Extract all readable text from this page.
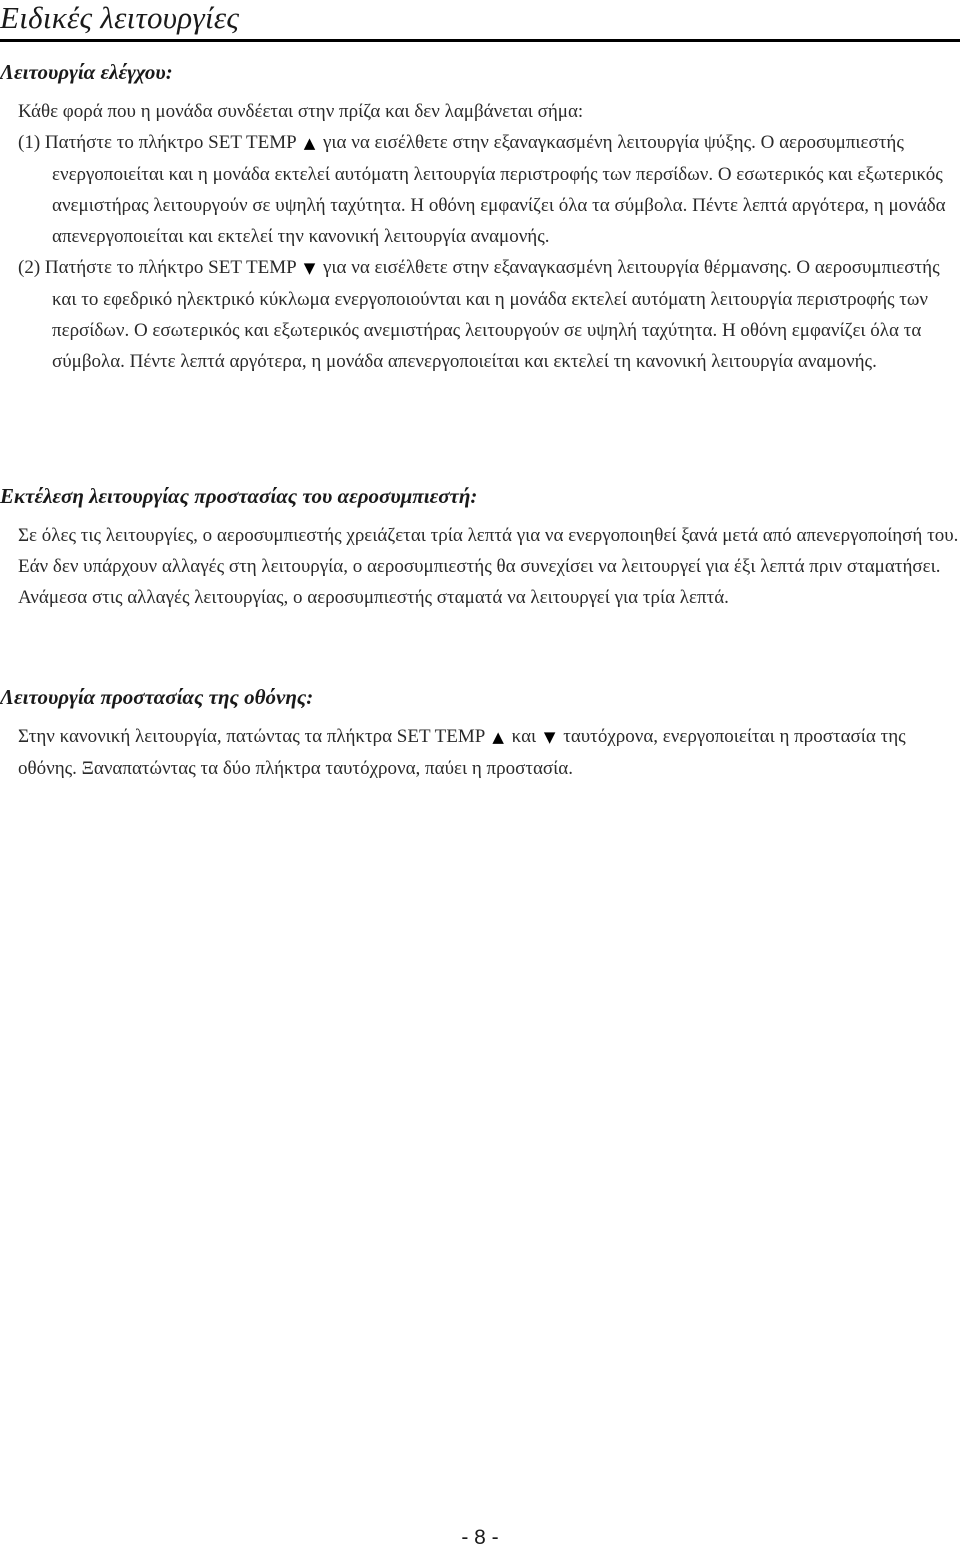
Ειδικές λειτουργίες
Λειτουργία ελέγχου:

Κάθε φορά που η μονάδα συνδέεται στην πρίζα και δεν λαμβάνεται σήμα:

(1) Πατήστε το πλήκτρο SET TEMP ▲ για να εισέλθετε στην εξαναγκασμένη λειτουργία ψύξης. Ο αεροσυμπιεστής ενεργοποιείται και η μονάδα εκτελεί αυτόματη λειτουργία περιστροφής των περσίδων. Ο εσωτερικός και εξωτερικός ανεμιστήρας λειτουργούν σε υψηλή ταχύτητα. Η οθόνη εμφανίζει όλα τα σύμβολα. Πέντε λεπτά αργότερα, η μονάδα απενεργοποιείται και εκτελεί την κανονική λειτουργία αναμονής.

(2) Πατήστε το πλήκτρο SET TEMP ▼ για να εισέλθετε στην εξαναγκασμένη λειτουργία θέρμανσης. Ο αεροσυμπιεστής και το εφεδρικό ηλεκτρικό κύκλωμα ενεργοποιούνται και η μονάδα εκτελεί αυτόματη λειτουργία περιστροφής των περσίδων. Ο εσωτερικός και εξωτερικός ανεμιστήρας λειτουργούν σε υψηλή ταχύτητα. Η οθόνη εμφανίζει όλα τα σύμβολα. Πέντε λεπτά αργότερα, η μονάδα απενεργοποιείται και εκτελεί τη κανονική λειτουργία αναμονής.

Εκτέλεση λειτουργίας προστασίας του αεροσυμπιεστή:

Σε όλες τις λειτουργίες, ο αεροσυμπιεστής χρειάζεται τρία λεπτά για να ενεργοποιηθεί ξανά μετά από απενεργοποίησή του. Εάν δεν υπάρχουν αλλαγές στη λειτουργία, ο αεροσυμπιεστής θα συνεχίσει να λειτουργεί για έξι λεπτά πριν σταματήσει. Ανάμεσα στις αλλαγές λειτουργίας, ο αεροσυμπιεστής σταματά να λειτουργεί για τρία λεπτά.

Λειτουργία προστασίας της οθόνης:

Στην κανονική λειτουργία, πατώντας τα πλήκτρα SET TEMP ▲ και ▼ ταυτόχρονα, ενεργοποιείται η προστασία της οθόνης. Ξαναπατώντας τα δύο πλήκτρα ταυτόχρονα, παύει η προστασία.

- 8 -
